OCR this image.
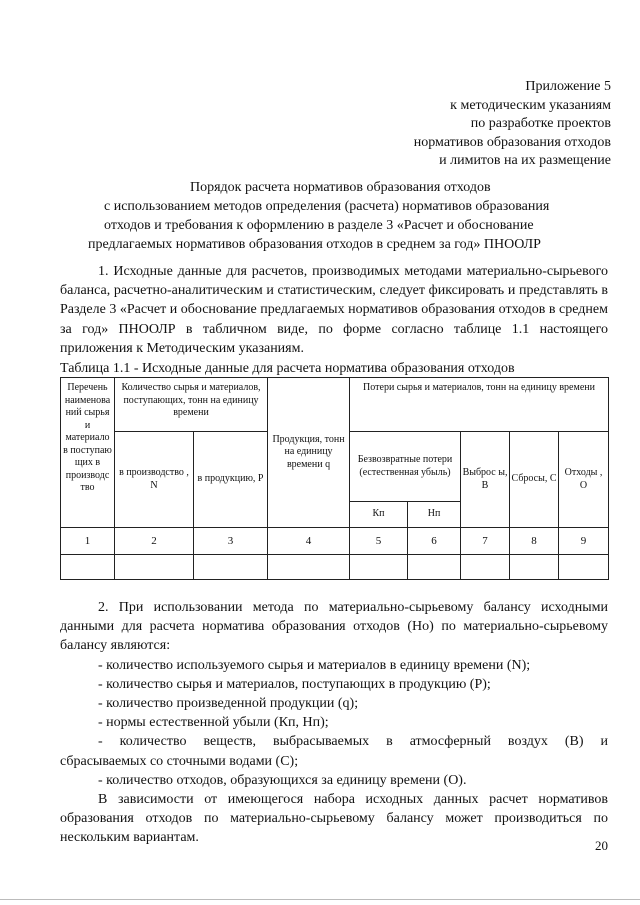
Приложение 5
к методическим указаниям
по разработке проектов
нормативов образования отходов
и лимитов на их размещение
Порядок расчета нормативов образования отходов
с использованием методов определения (расчета) нормативов образования
отходов и требования к оформлению в разделе 3 «Расчет и обоснование
предлагаемых нормативов образования отходов в среднем за год» ПНООЛР
1. Исходные данные для расчетов, производимых методами материально-сырьевого баланса, расчетно-аналитическим и статистическим, следует фиксировать и представлять в Разделе 3 «Расчет и обоснование предлагаемых нормативов образования отходов в среднем за год» ПНООЛР в табличном виде, по форме согласно таблице 1.1 настоящего приложения к Методическим указаниям.
Таблица 1.1 - Исходные данные для расчета норматива образования отходов
Перечень наименова ний сырья и материало в поступаю щих в производс тво	Количество сырья и материалов, поступающих, тонн на единицу времени		Продукция, тонн на единицу времени q	Потери сырья и материалов, тонн на единицу времени				
	в производство , N	в продукцию, P		Безвозвратные потери (естественная убыль)		Выброс ы, В	Сбросы, С	Отходы , О
				Кп	Нп			
1	2	3	4	5	6	7	8	9

2. При использовании метода по материально-сырьевому балансу исходными данными для расчета норматива образования отходов (Но) по материально-сырьевому балансу являются:
- количество используемого сырья и материалов в единицу времени (N);
- количество сырья и материалов, поступающих в продукцию (P);
- количество произведенной продукции (q);
- нормы естественной убыли (Кп, Нп);
- количество веществ, выбрасываемых в атмосферный воздух (В) и
сбрасываемых со сточными водами (С);
- количество отходов, образующихся за единицу времени (О).
В зависимости от имеющегося набора исходных данных расчет нормативов образования отходов по материально-сырьевому балансу может производиться по нескольким вариантам.
20
